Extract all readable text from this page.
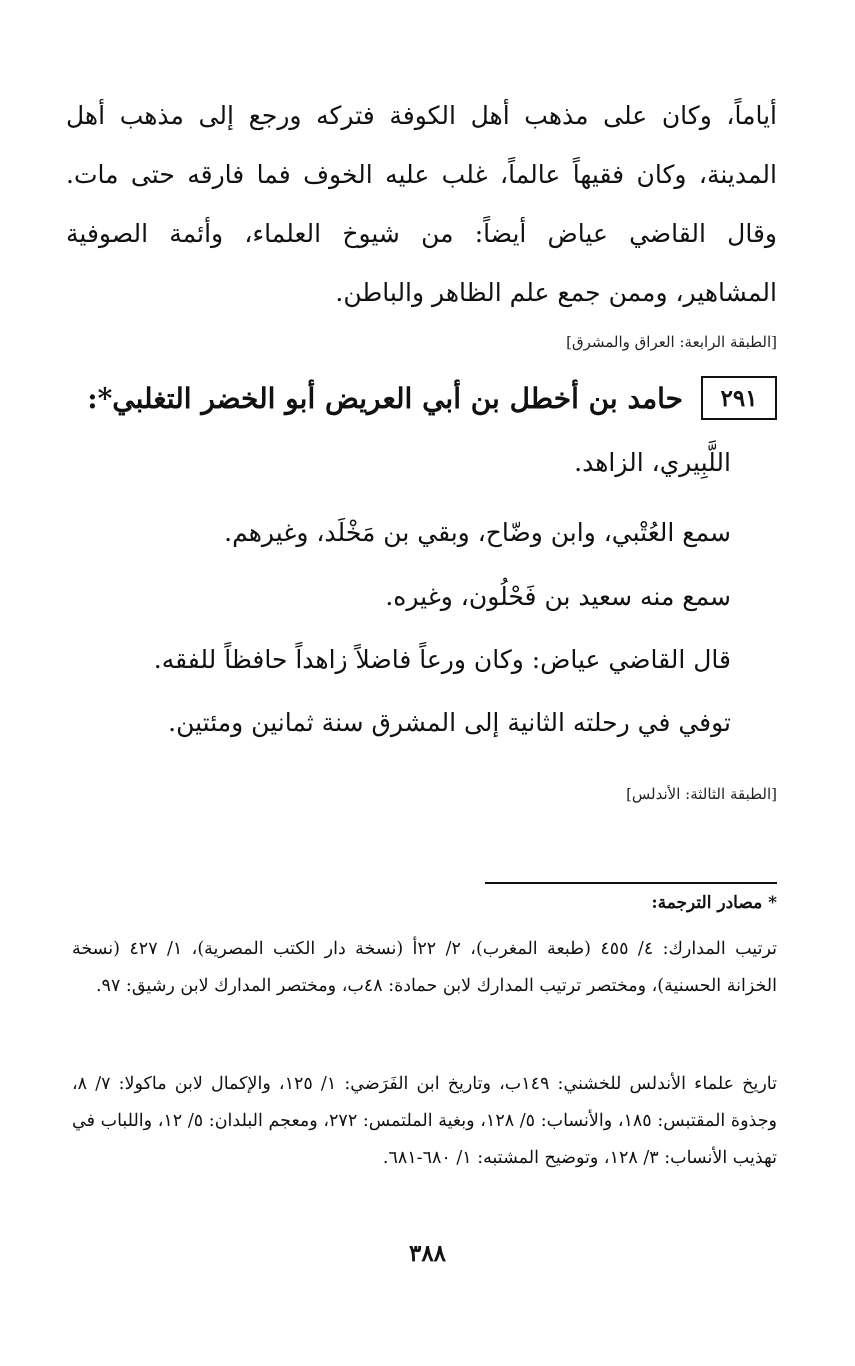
أياماً، وكان على مذهب أهل الكوفة فتركه ورجع إلى مذهب أهل المدينة، وكان فقيهاً عالماً، غلب عليه الخوف فما فارقه حتى مات. وقال القاضي عياض أيضاً: من شيوخ العلماء، وأئمة الصوفية المشاهير، وممن جمع علم الظاهر والباطن.

[الطبقة الرابعة: العراق والمشرق]
٢٩١
حامد بن أخطل بن أبي العريض أبو الخضر التغلبي*:
اللَّبِيري، الزاهد.
سمع العُتْبي، وابن وضّاح، وبقي بن مَخْلَد، وغيرهم.
سمع منه سعيد بن فَحْلُون، وغيره.
قال القاضي عياض: وكان ورعاً فاضلاً زاهداً حافظاً للفقه.
توفي في رحلته الثانية إلى المشرق سنة ثمانين ومئتين.
[الطبقة الثالثة: الأندلس]
* مصادر الترجمة:

ترتيب المدارك: ٤/ ٤٥٥ (طبعة المغرب)، ٢/ ٢٢أ (نسخة دار الكتب المصرية)، ١/ ٤٢٧ (نسخة الخزانة الحسنية)، ومختصر ترتيب المدارك لابن حمادة: ٤٨ب، ومختصر المدارك لابن رشيق: ٩٧.

تاريخ علماء الأندلس للخشني: ١٤٩ب، وتاريخ ابن الفَرَضي: ١/ ١٢٥، والإكمال لابن ماكولا: ٧/ ٨، وجذوة المقتبس: ١٨٥، والأنساب: ٥/ ١٢٨، وبغية الملتمس: ٢٧٢، ومعجم البلدان: ٥/ ١٢، واللباب في تهذيب الأنساب: ٣/ ١٢٨، وتوضيح المشتبه: ١/ ٦٨٠-٦٨١.

٣٨٨
